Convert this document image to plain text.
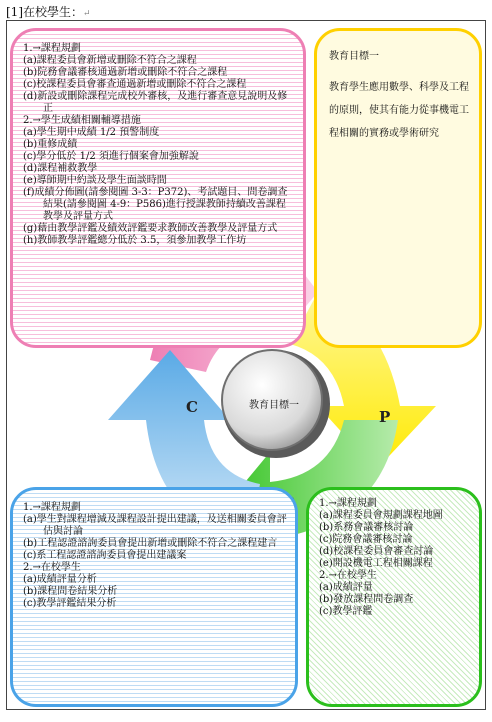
[1]在校學生：↵
P
C	教育目標一
1.→課程規劃
(a)課程委員會新增或刪除不符合之課程
(b)院務會議審核通過新增或刪除不符合之課程
(c)校課程委員會審查通過新增或刪除不符合之課程
(d)新設或刪除課程完成校外審核，及進行審查意見說明及修正
2.→學生成績相關輔導措施
(a)學生期中成績 1/2 預警制度
(b)重修成績
(c)學分低於 1/2 須進行個案會加強解說
(d)課程補救教學
(e)導師期中約談及學生面談時間
(f)成績分佈圖(請參閱圖 3-3：P372)、考試題目、問卷調查結果(請參閱圖 4-9：P586)進行授課教師持續改善課程教學及評量方式
(g)藉由教學評鑑及績效評鑑要求教師改善教學及評量方式
(h)教師教學評鑑總分低於 3.5，須參加教學工作坊
教育目標一
教育學生應用數學、科學及工程的原則，使其有能力從事機電工程相關的實務或學術研究
1.→課程規劃
(a)學生對課程增減及課程設計提出建議，及送相關委員會評估與討論
(b)工程認證諮詢委員會提出新增或刪除不符合之課程建言
(c)系工程認證諮詢委員會提出建議案
2.→在校學生
(a)成績評量分析
(b)課程問卷結果分析
(c)教學評鑑結果分析
1.→課程規劃
(a)課程委員會規劃課程地圖
(b)系務會議審核討論
(c)院務會議審核討論
(d)校課程委員會審查討論
(e)開設機電工程相關課程
2.→在校學生
(a)成績評量
(b)發放課程問卷調查
(c)教學評鑑
